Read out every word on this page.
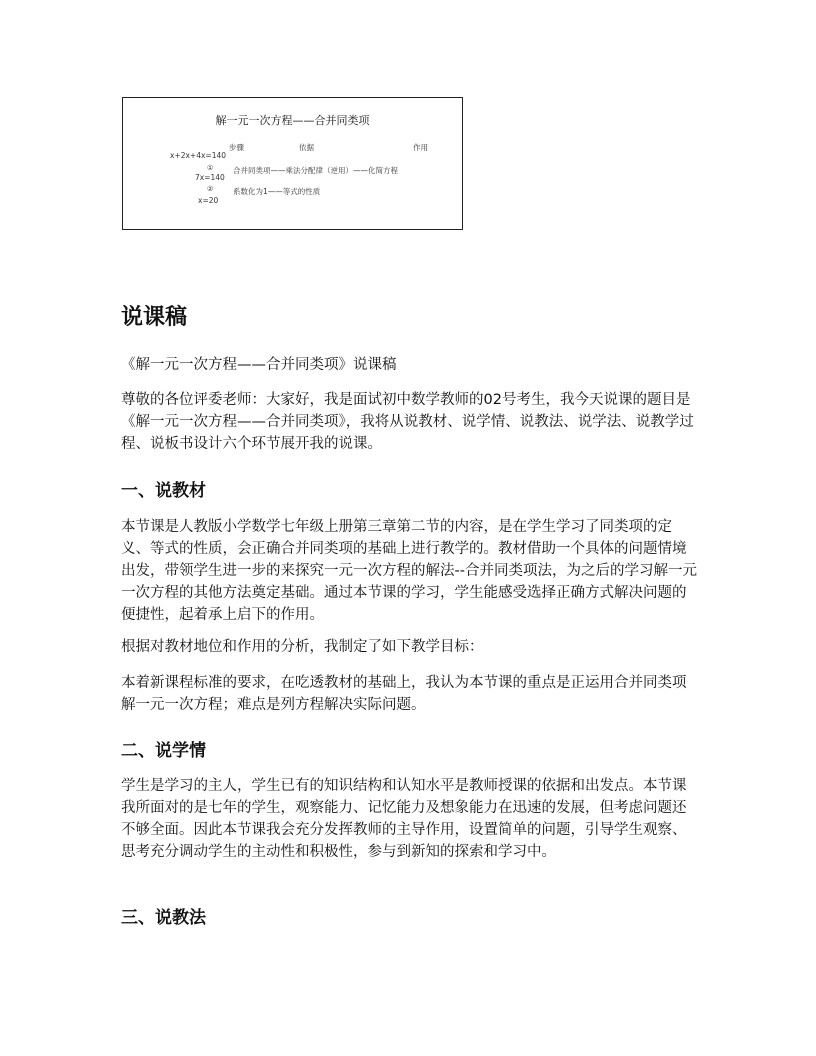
解一元一次方程——合并同类项
步骤	依据	作用
x+2x+4x=140
①
7x=140
②
x=20
合并同类项——乘法分配律（逆用）——化简方程
系数化为1——等式的性质
说课稿

《解一元一次方程——合并同类项》说课稿

尊敬的各位评委老师：大家好，我是面试初中数学教师的02号考生，我今天说课的题目是《解一元一次方程——合并同类项》，我将从说教材、说学情、说教法、说学法、说教学过程、说板书设计六个环节展开我的说课。

一、说教材

本节课是人教版小学数学七年级上册第三章第二节的内容，是在学生学习了同类项的定义、等式的性质，会正确合并同类项的基础上进行教学的。教材借助一个具体的问题情境出发，带领学生进一步的来探究一元一次方程的解法--合并同类项法，为之后的学习解一元一次方程的其他方法奠定基础。通过本节课的学习，学生能感受选择正确方式解决问题的便捷性，起着承上启下的作用。

根据对教材地位和作用的分析，我制定了如下教学目标：

本着新课程标准的要求，在吃透教材的基础上，我认为本节课的重点是正运用合并同类项解一元一次方程；难点是列方程解决实际问题。

二、说学情

学生是学习的主人，学生已有的知识结构和认知水平是教师授课的依据和出发点。本节课我所面对的是七年的学生，观察能力、记忆能力及想象能力在迅速的发展，但考虑问题还不够全面。因此本节课我会充分发挥教师的主导作用，设置简单的问题，引导学生观察、思考充分调动学生的主动性和积极性，参与到新知的探索和学习中。

三、说教法
